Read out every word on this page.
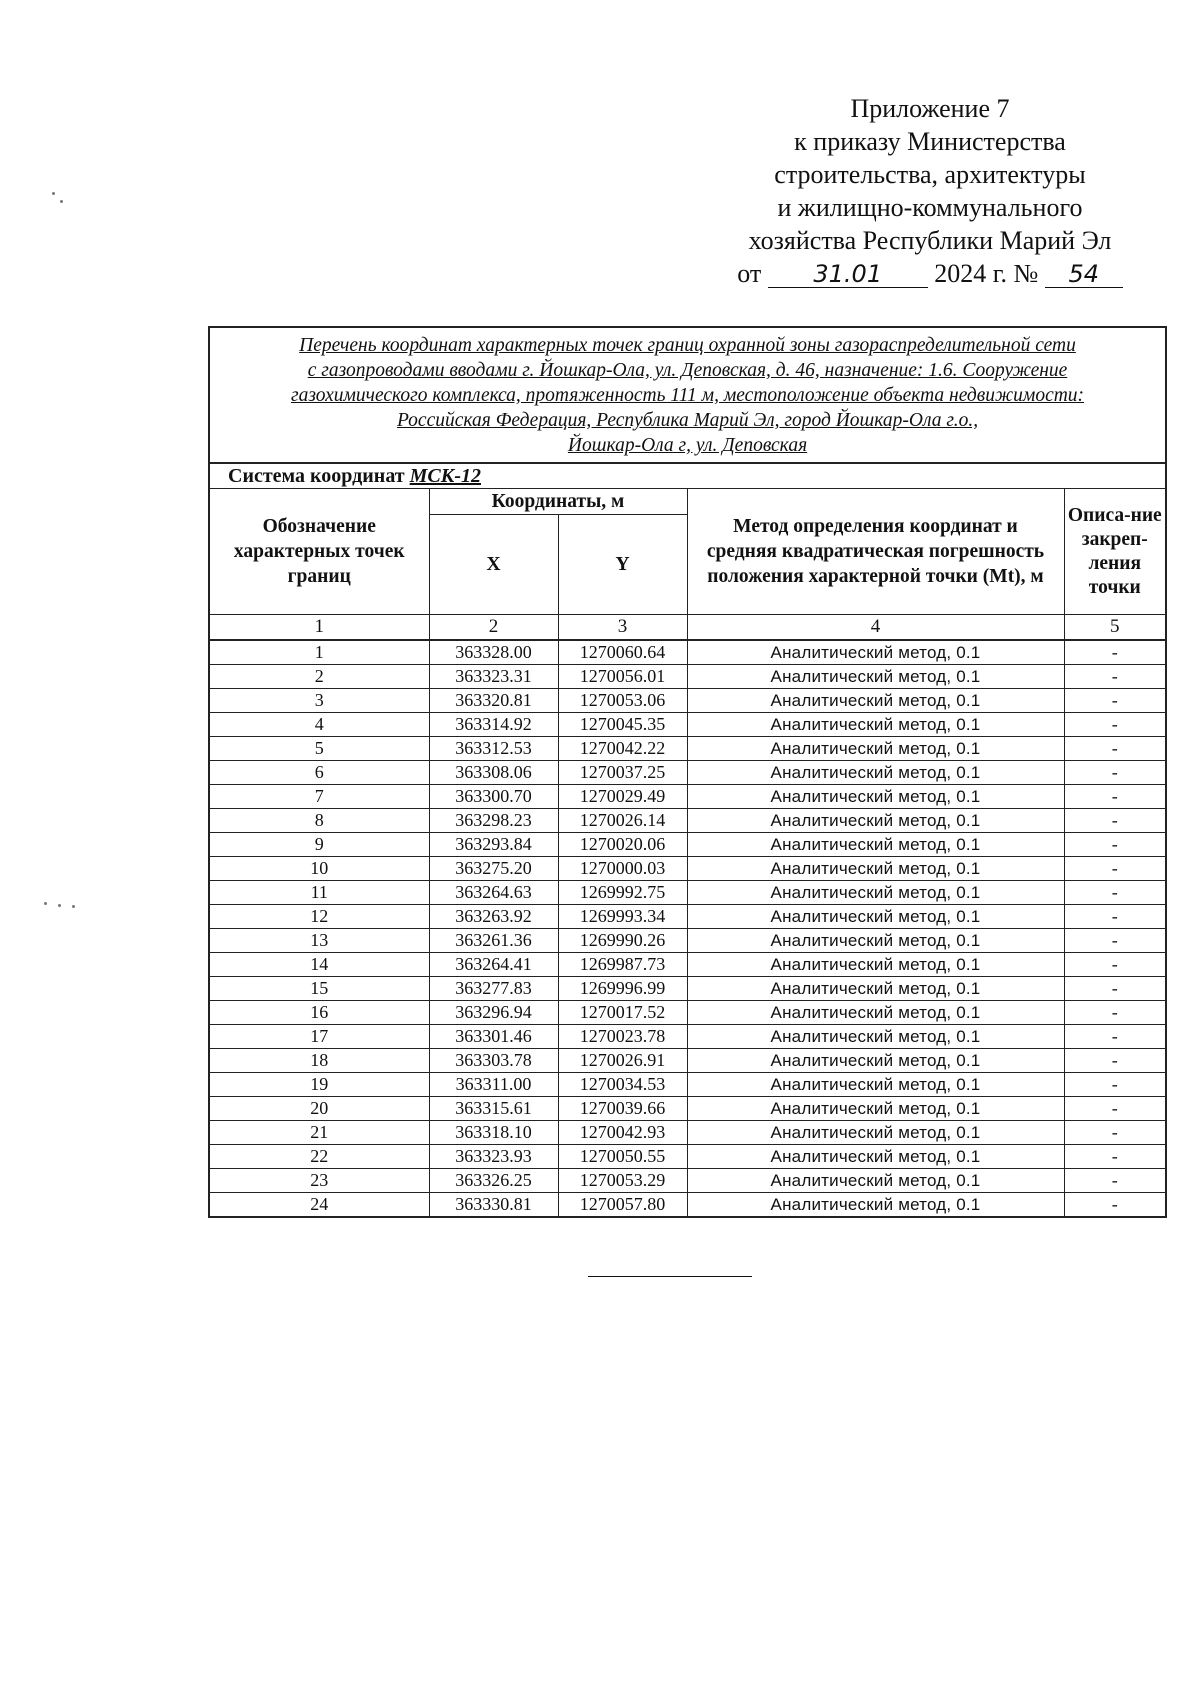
Приложение 7
к приказу Министерства
строительства, архитектуры
и жилищно-коммунального
хозяйства Республики Марий Эл
от 31.01 2024 г. № 54
Перечень координат характерных точек границ охранной зоны газораспределительной сети
с газопроводами вводами г. Йошкар-Ола, ул. Деповская, д. 46, назначение: 1.6. Сооружение
газохимического комплекса, протяженность 111 м, местоположение объекта недвижимости:
Российская Федерация, Республика Марий Эл, город Йошкар-Ола г.о.,
Йошкар-Ола г, ул. Деповская				

Система координат МСК-12				
Обозначение характерных точек границ	Координаты, м		Метод определения координат и средняя квадратическая погрешность положения характерной точки (Mt), м	Описа-ние закреп-ления точки
	X	Y		
1	2	3	4	5
1	363328.00	1270060.64	Аналитический метод, 0.1	-
2	363323.31	1270056.01	Аналитический метод, 0.1	-
3	363320.81	1270053.06	Аналитический метод, 0.1	-
4	363314.92	1270045.35	Аналитический метод, 0.1	-
5	363312.53	1270042.22	Аналитический метод, 0.1	-
6	363308.06	1270037.25	Аналитический метод, 0.1	-
7	363300.70	1270029.49	Аналитический метод, 0.1	-
8	363298.23	1270026.14	Аналитический метод, 0.1	-
9	363293.84	1270020.06	Аналитический метод, 0.1	-
10	363275.20	1270000.03	Аналитический метод, 0.1	-
11	363264.63	1269992.75	Аналитический метод, 0.1	-
12	363263.92	1269993.34	Аналитический метод, 0.1	-
13	363261.36	1269990.26	Аналитический метод, 0.1	-
14	363264.41	1269987.73	Аналитический метод, 0.1	-
15	363277.83	1269996.99	Аналитический метод, 0.1	-
16	363296.94	1270017.52	Аналитический метод, 0.1	-
17	363301.46	1270023.78	Аналитический метод, 0.1	-
18	363303.78	1270026.91	Аналитический метод, 0.1	-
19	363311.00	1270034.53	Аналитический метод, 0.1	-
20	363315.61	1270039.66	Аналитический метод, 0.1	-
21	363318.10	1270042.93	Аналитический метод, 0.1	-
22	363323.93	1270050.55	Аналитический метод, 0.1	-
23	363326.25	1270053.29	Аналитический метод, 0.1	-
24	363330.81	1270057.80	Аналитический метод, 0.1	-
